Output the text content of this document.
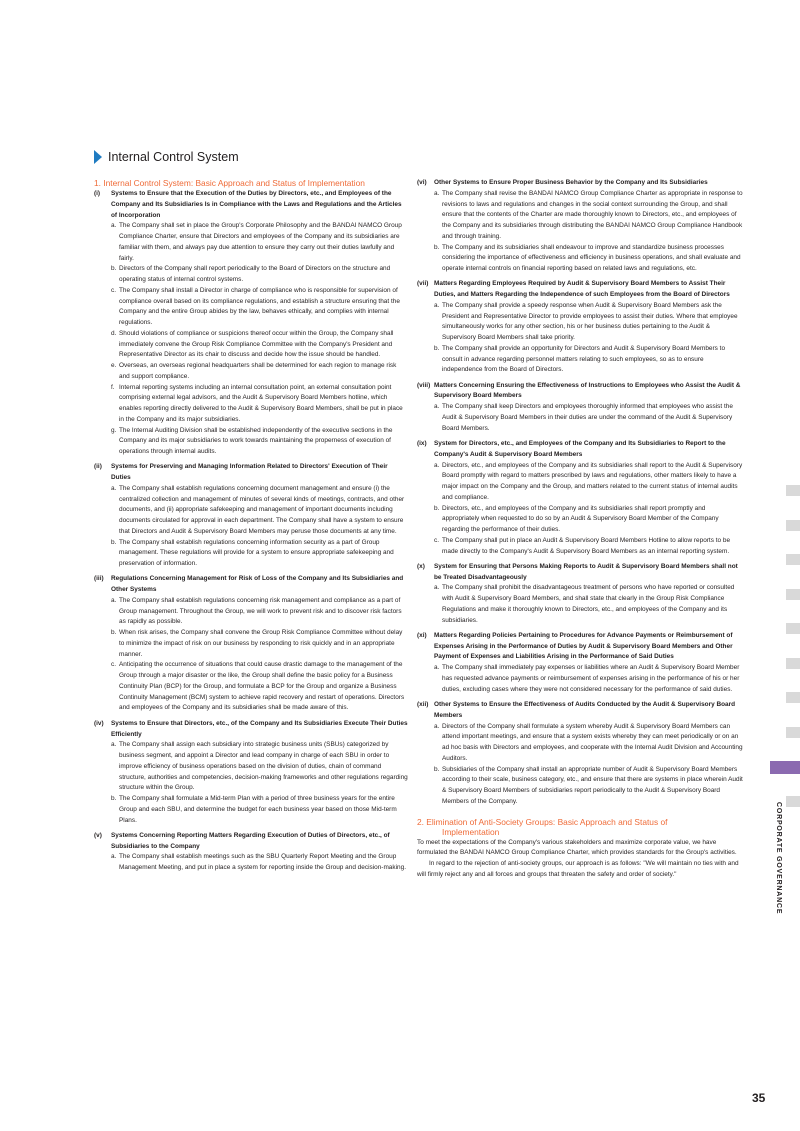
Internal Control System
1. Internal Control System: Basic Approach and Status of Implementation
(i)	Systems to Ensure that the Execution of the Duties by Directors, etc., and Employees of the Company and Its Subsidiaries Is in Compliance with the Laws and Regulations and the Articles of Incorporation
a. The Company shall set in place the Group's Corporate Philosophy and the BANDAI NAMCO Group Compliance Charter, ensure that Directors and employees of the Company and its subsidiaries are familiar with them, and always pay due attention to ensure they carry out their duties lawfully and fairly.
b. Directors of the Company shall report periodically to the Board of Directors on the structure and operating status of internal control systems.
c. The Company shall install a Director in charge of compliance who is responsible for supervision of compliance overall based on its compliance regulations, and establish a structure ensuring that the Company and the entire Group abides by the law, behaves ethically, and complies with internal regulations.
d. Should violations of compliance or suspicions thereof occur within the Group, the Company shall immediately convene the Group Risk Compliance Committee with the Company's President and Representative Director as its chair to discuss and decide how the issue should be handled.
e. Overseas, an overseas regional headquarters shall be determined for each region to manage risk and support compliance.
f. Internal reporting systems including an internal consultation point, an external consultation point comprising external legal advisors, and the Audit & Supervisory Board Members hotline, which enables reporting directly delivered to the Audit & Supervisory Board Members, shall be put in place in the Company and its major subsidiaries.
g. The Internal Auditing Division shall be established independently of the executive sections in the Company and its major subsidiaries to work towards maintaining the properness of execution of operations through internal audits.
(ii)	Systems for Preserving and Managing Information Related to Directors' Execution of Their Duties
a. The Company shall establish regulations concerning document management and ensure (i) the centralized collection and management of minutes of several kinds of meetings, contracts, and other documents, and (ii) appropriate safekeeping and management of important documents including documents circulated for approval in each department. The Company shall have a system to ensure that Directors and Audit & Supervisory Board Members may peruse those documents at any time.
b. The Company shall establish regulations concerning information security as a part of Group management. These regulations will provide for a system to ensure appropriate safekeeping and preservation of information.
(iii)	Regulations Concerning Management for Risk of Loss of the Company and Its Subsidiaries and Other Systems
a. The Company shall establish regulations concerning risk management and compliance as a part of Group management. Throughout the Group, we will work to prevent risk and to discover risk factors as rapidly as possible.
b. When risk arises, the Company shall convene the Group Risk Compliance Committee without delay to minimize the impact of risk on our business by responding to risk quickly and in an appropriate manner.
c. Anticipating the occurrence of situations that could cause drastic damage to the management of the Group through a major disaster or the like, the Group shall define the basic policy for a Business Continuity Plan (BCP) for the Group, and formulate a BCP for the Group and organize a Business Continuity Management (BCM) system to achieve rapid recovery and restart of operations. Directors and employees of the Company and its subsidiaries shall be made aware of this.
(iv)	Systems to Ensure that Directors, etc., of the Company and Its Subsidiaries Execute Their Duties Efficiently
a. The Company shall assign each subsidiary into strategic business units (SBUs) categorized by business segment, and appoint a Director and lead company in charge of each SBU in order to improve efficiency of business operations based on the division of duties, chain of command structure, authorities and competencies, decision-making frameworks and other regulations regarding structure within the Group.
b. The Company shall formulate a Mid-term Plan with a period of three business years for the entire Group and each SBU, and determine the budget for each business year based on those Mid-term Plans.
(v)	Systems Concerning Reporting Matters Regarding Execution of Duties of Directors, etc., of Subsidiaries to the Company
a. The Company shall establish meetings such as the SBU Quarterly Report Meeting and the Group Management Meeting, and put in place a system for reporting inside the Group and decision-making.
(vi)	Other Systems to Ensure Proper Business Behavior by the Company and Its Subsidiaries
a. The Company shall revise the BANDAI NAMCO Group Compliance Charter as appropriate in response to revisions to laws and regulations and changes in the social context surrounding the Group, and shall ensure that the contents of the Charter are made thoroughly known to Directors, etc., and employees of the Company and its subsidiaries through distributing the BANDAI NAMCO Group Compliance Handbook and through training.
b. The Company and its subsidiaries shall endeavour to improve and standardize business processes considering the importance of effectiveness and efficiency in business operations, and shall evaluate and operate internal controls on financial reporting based on related laws and regulations, etc.
(vii) Matters Regarding Employees Required by Audit & Supervisory Board Members to Assist Their Duties, and Matters Regarding the Independence of such Employees from the Board of Directors
a. The Company shall provide a speedy response when Audit & Supervisory Board Members ask the President and Representative Director to provide employees to assist their duties. Where that employee simultaneously works for any other section, his or her business duties pertaining to the Audit & Supervisory Board Members shall take priority.
b. The Company shall provide an opportunity for Directors and Audit & Supervisory Board Members to consult in advance regarding personnel matters relating to such employees, so as to ensure independence from the Board of Directors.
(viii) Matters Concerning Ensuring the Effectiveness of Instructions to Employees who Assist the Audit & Supervisory Board Members
a. The Company shall keep Directors and employees thoroughly informed that employees who assist the Audit & Supervisory Board Members in their duties are under the command of the Audit & Supervisory Board Members.
(ix)	System for Directors, etc., and Employees of the Company and Its Subsidiaries to Report to the Company's Audit & Supervisory Board Members
a. Directors, etc., and employees of the Company and its subsidiaries shall report to the Audit & Supervisory Board promptly with regard to matters prescribed by laws and regulations, other matters likely to have a major impact on the Company and the Group, and matters related to the current status of internal audits and compliance.
b. Directors, etc., and employees of the Company and its subsidiaries shall report promptly and appropriately when requested to do so by an Audit & Supervisory Board Member of the Company regarding the performance of their duties.
c. The Company shall put in place an Audit & Supervisory Board Members Hotline to allow reports to be made directly to the Company's Audit & Supervisory Board Members as an internal reporting system.
(x)	System for Ensuring that Persons Making Reports to Audit & Supervisory Board Members shall not be Treated Disadvantageously
a. The Company shall prohibit the disadvantageous treatment of persons who have reported or consulted with Audit & Supervisory Board Members, and shall state that clearly in the Group Risk Compliance Regulations and make it thoroughly known to Directors, etc., and employees of the Company and its subsidiaries.
(xi)	Matters Regarding Policies Pertaining to Procedures for Advance Payments or Reimbursement of Expenses Arising in the Performance of Duties by Audit & Supervisory Board Members and Other Payment of Expenses and Liabilities Arising in the Performance of Said Duties
a. The Company shall immediately pay expenses or liabilities where an Audit & Supervisory Board Member has requested advance payments or reimbursement of expenses arising in the performance of his or her duties, excluding cases where they were not considered necessary for the performance of said duties.
(xii) Other Systems to Ensure the Effectiveness of Audits Conducted by the Audit & Supervisory Board Members
a. Directors of the Company shall formulate a system whereby Audit & Supervisory Board Members can attend important meetings, and ensure that a system exists whereby they can meet periodically or on an ad hoc basis with Directors and employees, and cooperate with the Internal Audit Division and Accounting Auditors.
b. Subsidiaries of the Company shall install an appropriate number of Audit & Supervisory Board Members according to their scale, business category, etc., and ensure that there are systems in place wherein Audit & Supervisory Board Members of subsidiaries report periodically to the Audit & Supervisory Board Members of the Company.
2. Elimination of Anti-Society Groups: Basic Approach and Status of
Implementation

To meet the expectations of the Company's various stakeholders and maximize corporate value, we have formulated the BANDAI NAMCO Group Compliance Charter, which provides standards for the Group's activities.

In regard to the rejection of anti-society groups, our approach is as follows: "We will maintain no ties with and will firmly reject any and all forces and groups that threaten the safety and order of society."	CORPORATE GOVERNANCE
35
